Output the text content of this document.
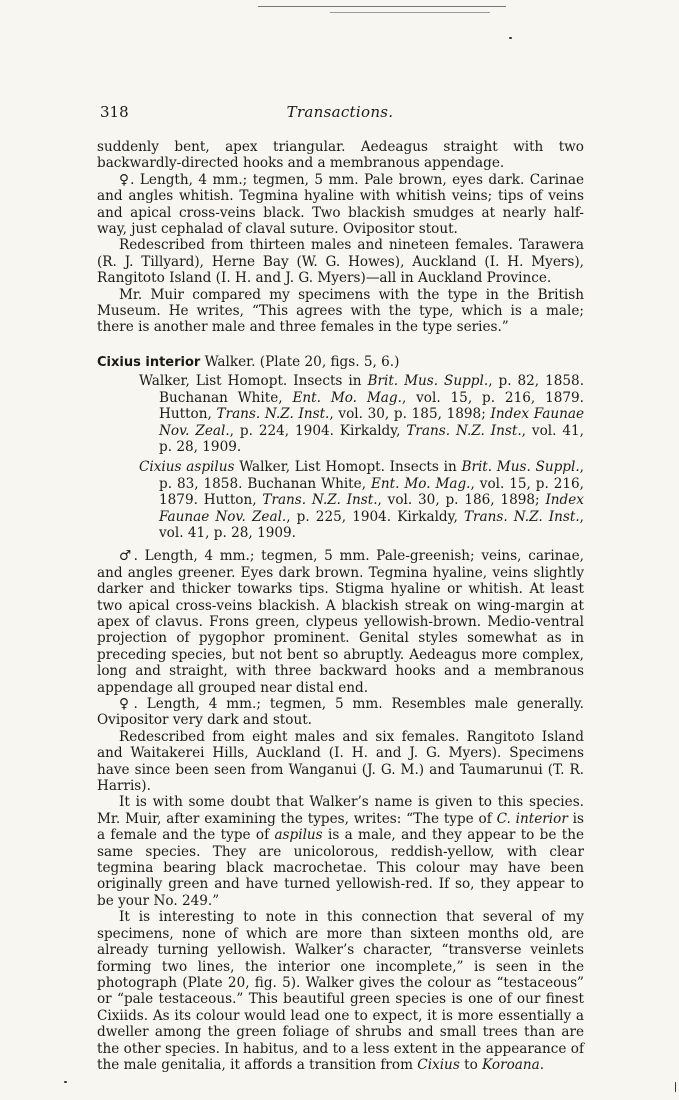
318	Transactions.

suddenly bent, apex triangular. Aedeagus straight with two backwardly-directed hooks and a membranous appendage.

♀. Length, 4 mm.; tegmen, 5 mm. Pale brown, eyes dark. Carinae and angles whitish. Tegmina hyaline with whitish veins; tips of veins and apical cross-veins black. Two blackish smudges at nearly half-way, just cephalad of claval suture. Ovipositor stout.

Redescribed from thirteen males and nineteen females. Tarawera (R. J. Tillyard), Herne Bay (W. G. Howes), Auckland (I. H. Myers), Rangitoto Island (I. H. and J. G. Myers)—all in Auckland Province.

Mr. Muir compared my specimens with the type in the British Museum. He writes, “This agrees with the type, which is a male; there is another male and three females in the type series.”

Cixius interior Walker. (Plate 20, figs. 5, 6.)

Walker, List Homopt. Insects in Brit. Mus. Suppl., p. 82, 1858. Buchanan White, Ent. Mo. Mag., vol. 15, p. 216, 1879. Hutton, Trans. N.Z. Inst., vol. 30, p. 185, 1898; Index Faunae Nov. Zeal., p. 224, 1904. Kirkaldy, Trans. N.Z. Inst., vol. 41, p. 28, 1909.

Cixius aspilus Walker, List Homopt. Insects in Brit. Mus. Suppl., p. 83, 1858. Buchanan White, Ent. Mo. Mag., vol. 15, p. 216, 1879. Hutton, Trans. N.Z. Inst., vol. 30, p. 186, 1898; Index Faunae Nov. Zeal., p. 225, 1904. Kirkaldy, Trans. N.Z. Inst., vol. 41, p. 28, 1909.

♂. Length, 4 mm.; tegmen, 5 mm. Pale-greenish; veins, carinae, and angles greener. Eyes dark brown. Tegmina hyaline, veins slightly darker and thicker towarks tips. Stigma hyaline or whitish. At least two apical cross-veins blackish. A blackish streak on wing-margin at apex of clavus. Frons green, clypeus yellowish-brown. Medio-ventral projection of pygophor prominent. Genital styles somewhat as in preceding species, but not bent so abruptly. Aedeagus more complex, long and straight, with three backward hooks and a membranous appendage all grouped near distal end.

♀. Length, 4 mm.; tegmen, 5 mm. Resembles male generally. Ovipositor very dark and stout.

Redescribed from eight males and six females. Rangitoto Island and Waitakerei Hills, Auckland (I. H. and J. G. Myers). Specimens have since been seen from Wanganui (J. G. M.) and Taumarunui (T. R. Harris).

It is with some doubt that Walker’s name is given to this species. Mr. Muir, after examining the types, writes: “The type of C. interior is a female and the type of aspilus is a male, and they appear to be the same species. They are unicolorous, reddish-yellow, with clear tegmina bearing black macrochetae. This colour may have been originally green and have turned yellowish-red. If so, they appear to be your No. 249.”

It is interesting to note in this connection that several of my specimens, none of which are more than sixteen months old, are already turning yellowish. Walker’s character, “transverse veinlets forming two lines, the interior one incomplete,” is seen in the photograph (Plate 20, fig. 5). Walker gives the colour as “testaceous” or “pale testaceous.” This beautiful green species is one of our finest Cixiids. As its colour would lead one to expect, it is more essentially a dweller among the green foliage of shrubs and small trees than are the other species. In habitus, and to a less extent in the appearance of the male genitalia, it affords a transition from Cixius to Koroana.
